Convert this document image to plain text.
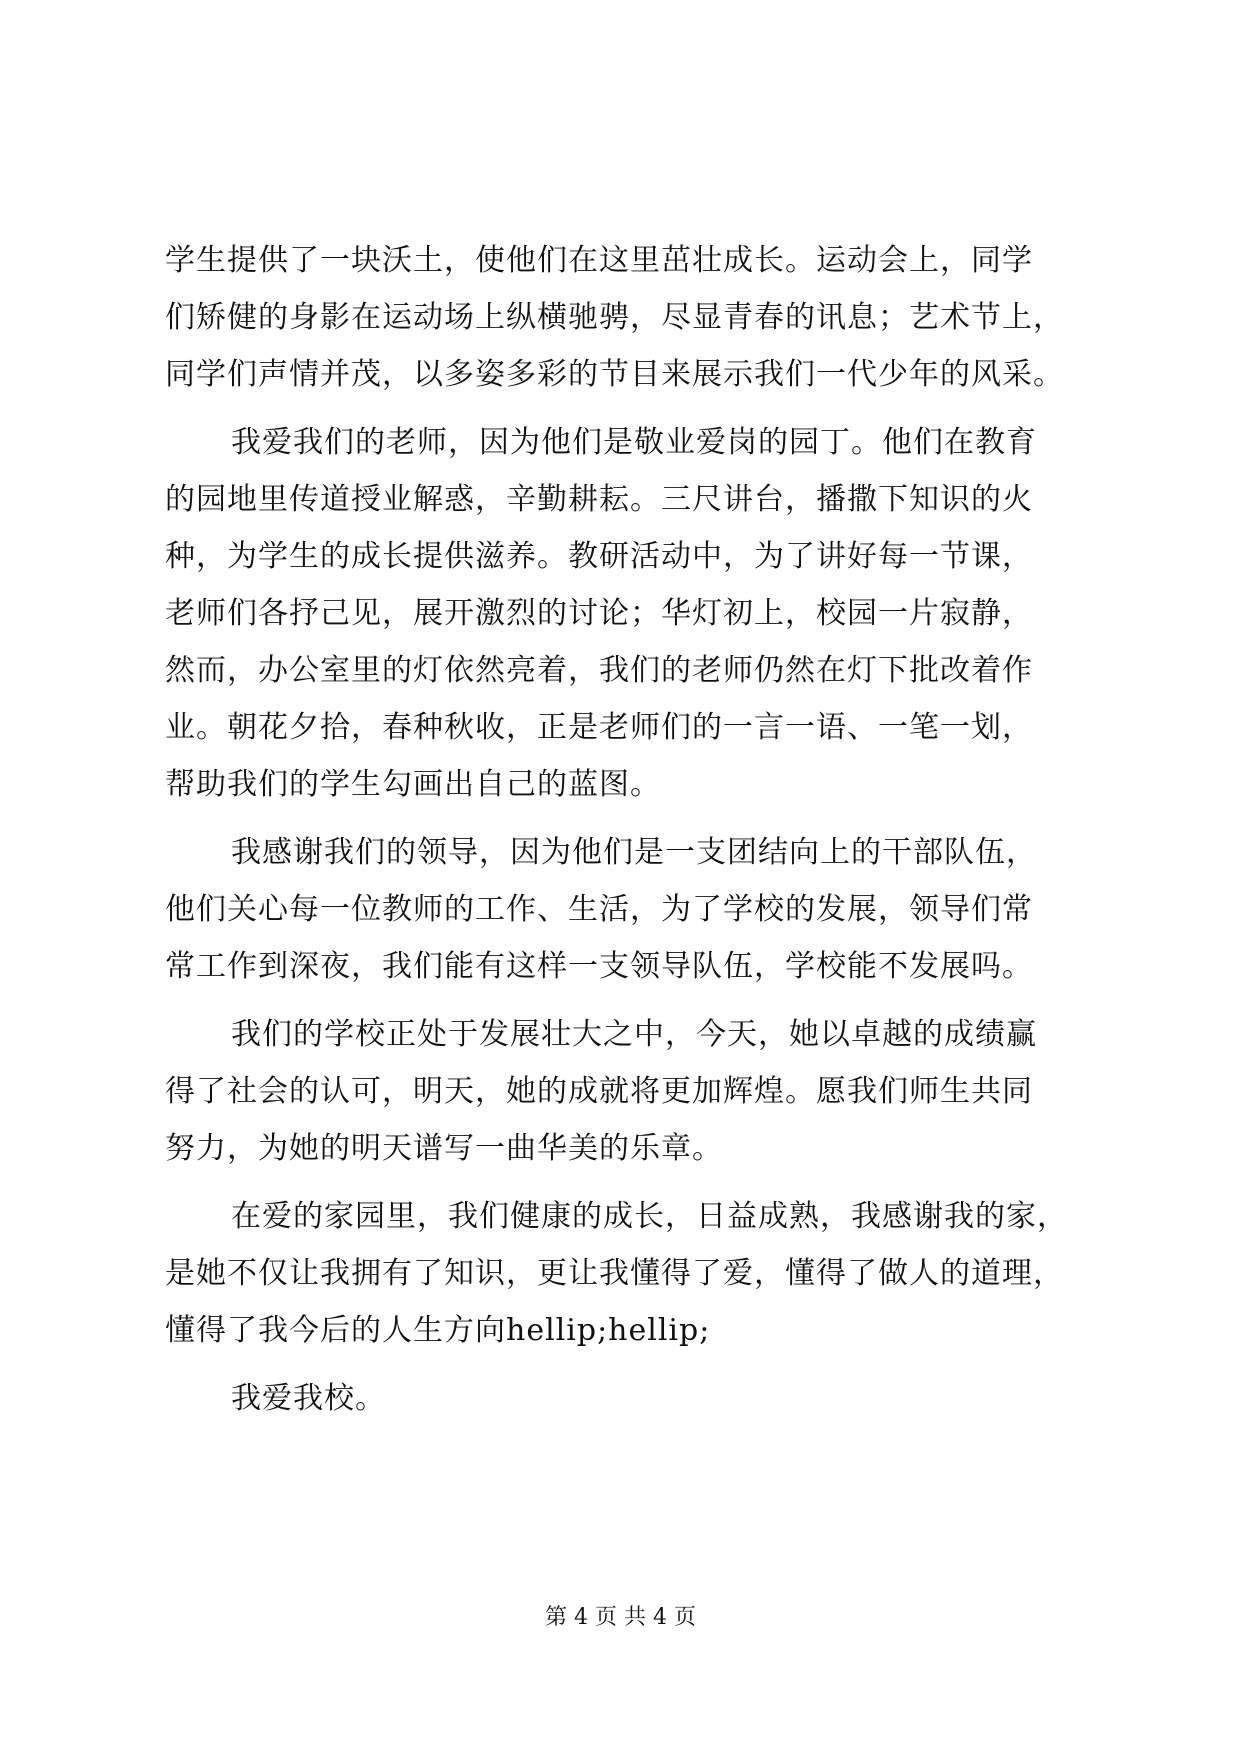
学生提供了一块沃土，使他们在这里茁壮成长。运动会上，同学
们矫健的身影在运动场上纵横驰骋，尽显青春的讯息；艺术节上，
同学们声情并茂，以多姿多彩的节目来展示我们一代少年的风采。
我爱我们的老师，因为他们是敬业爱岗的园丁。他们在教育
的园地里传道授业解惑，辛勤耕耘。三尺讲台，播撒下知识的火
种，为学生的成长提供滋养。教研活动中，为了讲好每一节课，
老师们各抒己见，展开激烈的讨论；华灯初上，校园一片寂静，
然而，办公室里的灯依然亮着，我们的老师仍然在灯下批改着作
业。朝花夕拾，春种秋收，正是老师们的一言一语、一笔一划，
帮助我们的学生勾画出自己的蓝图。
我感谢我们的领导，因为他们是一支团结向上的干部队伍，
他们关心每一位教师的工作、生活，为了学校的发展，领导们常
常工作到深夜，我们能有这样一支领导队伍，学校能不发展吗。
我们的学校正处于发展壮大之中，今天，她以卓越的成绩赢
得了社会的认可，明天，她的成就将更加辉煌。愿我们师生共同
努力，为她的明天谱写一曲华美的乐章。
在爱的家园里，我们健康的成长，日益成熟，我感谢我的家，
是她不仅让我拥有了知识，更让我懂得了爱，懂得了做人的道理，
懂得了我今后的人生方向hellip;hellip;
我爱我校。
第 4 页 共 4 页
